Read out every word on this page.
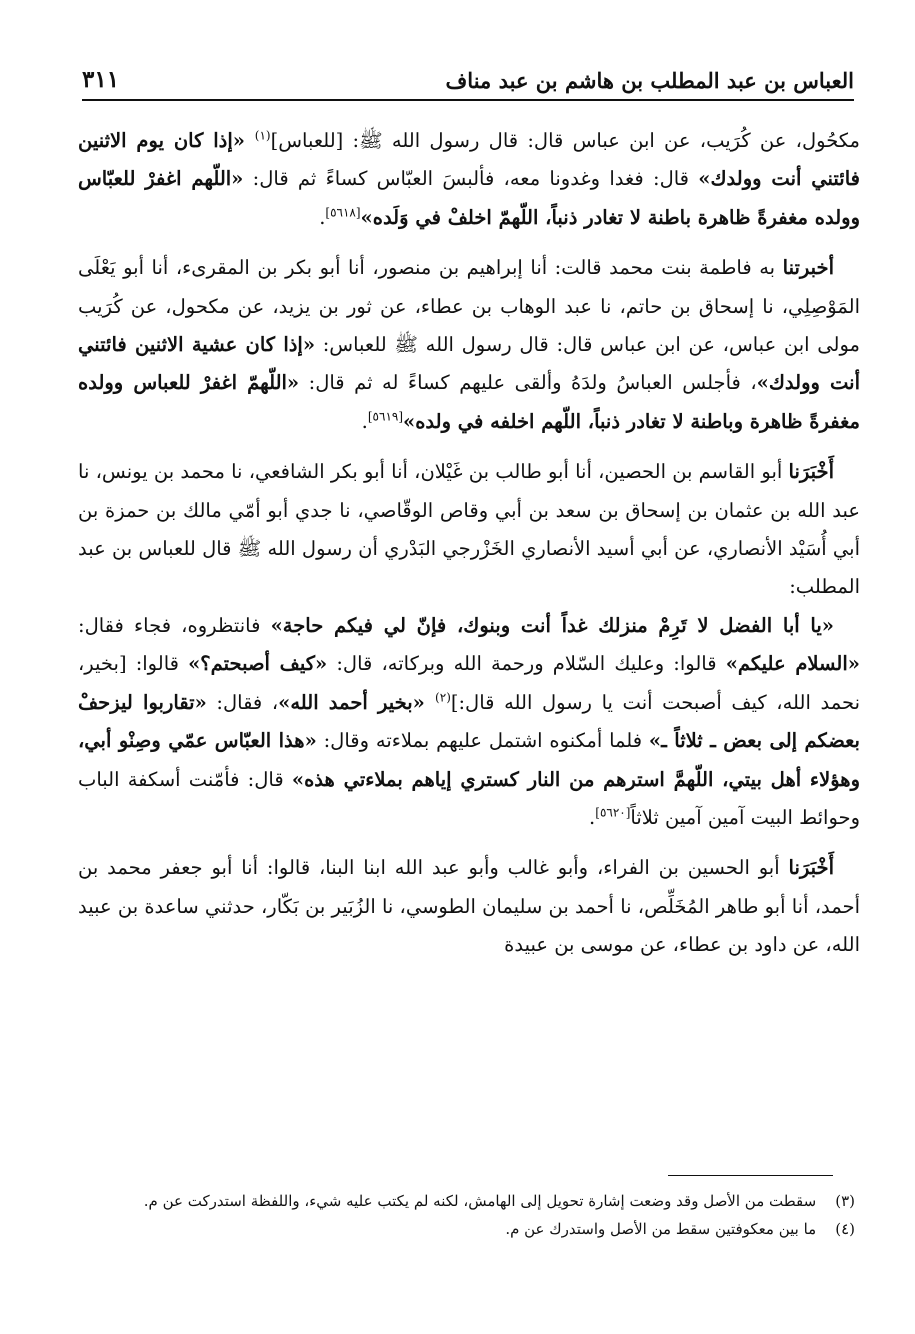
العباس بن عبد المطلب بن هاشم بن عبد مناف
٣١١

مكحُول، عن كُرَيب، عن ابن عباس قال: قال رسول الله ﷺ: [للعباس]$^{(١)}$ «إذا كان يوم الاثنين فائتني أنت وولدك» قال: فغدا وغدونا معه، فألبسَ العبّاس كساءً ثم قال: «اللّهم اغفرْ للعبّاس وولده مغفرةً ظاهرة باطنة لا تغادر ذنباً، اللّهمّ اخلفْ في وَلَده»[٥٦١٨].

أخبرتنا به فاطمة بنت محمد قالت: أنا إبراهيم بن منصور، أنا أبو بكر بن المقرىء، أنا أبو يَعْلَى المَوْصِلِي، نا إسحاق بن حاتم، نا عبد الوهاب بن عطاء، عن ثور بن يزيد، عن مكحول، عن كُرَيب مولى ابن عباس، عن ابن عباس قال: قال رسول الله ﷺ للعباس: «إذا كان عشية الاثنين فائتني أنت وولدك»، فأجلس العباسُ ولدَهُ وألقى عليهم كساءً له ثم قال: «اللّهمّ اغفرْ للعباس وولده مغفرةً ظاهرة وباطنة لا تغادر ذنباً، اللّهم اخلفه في ولده»[٥٦١٩].

أَخْبَرَنا أبو القاسم بن الحصين، أنا أبو طالب بن غَيْلان، أنا أبو بكر الشافعي، نا محمد بن يونس، نا عبد الله بن عثمان بن إسحاق بن سعد بن أبي وقاص الوقّاصي، نا جدي أبو أمّي مالك بن حمزة بن أبي أُسَيْد الأنصاري، عن أبي أسيد الأنصاري الخَزْرجي البَدْري أن رسول الله ﷺ قال للعباس بن عبد المطلب:

«يا أبا الفضل لا تَرِمْ منزلك غداً أنت وبنوك، فإنّ لي فيكم حاجة» فانتظروه، فجاء فقال: «السلام عليكم» قالوا: وعليك السّلام ورحمة الله وبركاته، قال: «كيف أصبحتم؟» قالوا: [بخير، نحمد الله، كيف أصبحت أنت يا رسول الله قال:]$^{(٢)}$ «بخير أحمد الله»، فقال: «تقاربوا ليزحفْ بعضكم إلى بعض ـ ثلاثاً ـ» فلما أمكنوه اشتمل عليهم بملاءته وقال: «هذا العبّاس عمّي وصِنْو أبي، وهؤلاء أهل بيتي، اللّهمَّ استرهم من النار كستري إياهم بملاءتي هذه» قال: فأمّنت أسكفة الباب وحوائط البيت آمين آمين ثلاثاً[٥٦٢٠].

أَخْبَرَنا أبو الحسين بن الفراء، وأبو غالب وأبو عبد الله ابنا البنا، قالوا: أنا أبو جعفر محمد بن أحمد، أنا أبو طاهر المُخَلِّص، نا أحمد بن سليمان الطوسي، نا الزُبَير بن بَكّار، حدثني ساعدة بن عبيد الله، عن داود بن عطاء، عن موسى بن عبيدة

(٣) سقطت من الأصل وقد وضعت إشارة تحويل إلى الهامش، لكنه لم يكتب عليه شيء، واللفظة استدركت عن م.

(٤) ما بين معكوفتين سقط من الأصل واستدرك عن م.
